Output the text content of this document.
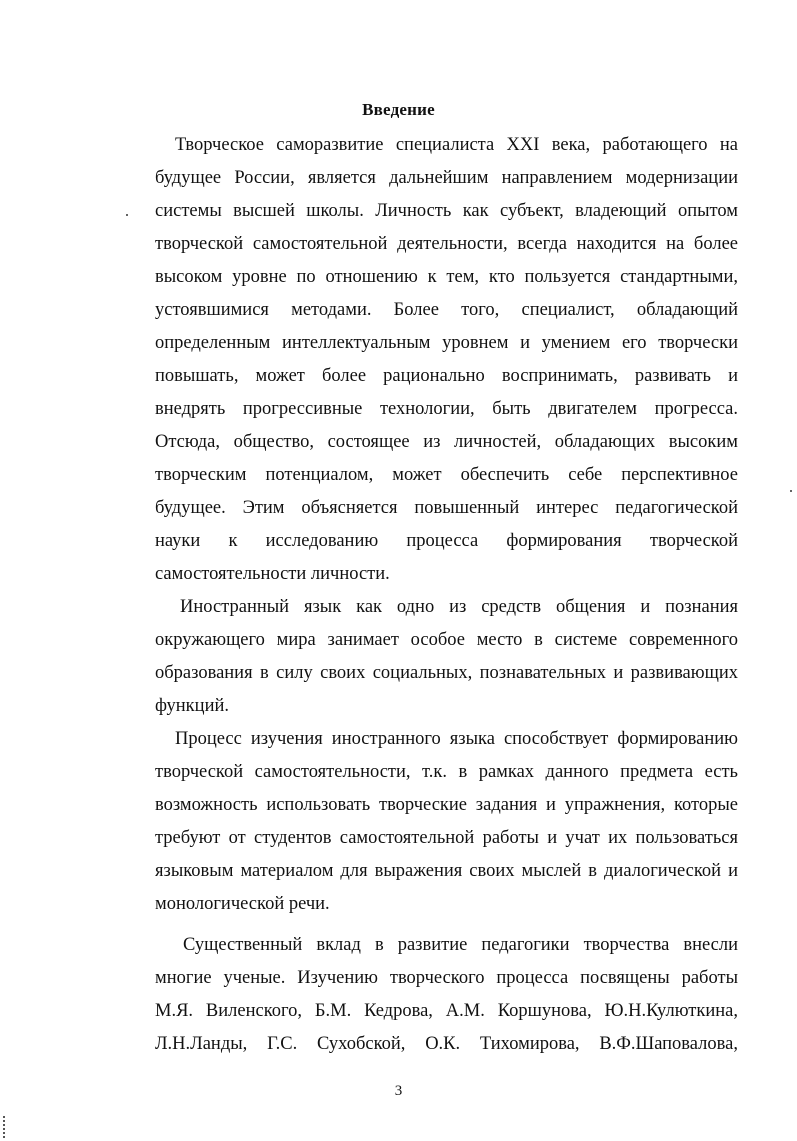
Введение
Творческое саморазвитие специалиста XXI века, работающего на
будущее России, является дальнейшим направлением модернизации
системы высшей школы. Личность как субъект, владеющий опытом
творческой самостоятельной деятельности, всегда находится на более
высоком уровне по отношению к тем, кто пользуется стандартными,
устоявшимися методами. Более того, специалист, обладающий
определенным интеллектуальным уровнем и умением его творчески
повышать, может более рационально воспринимать, развивать и
внедрять прогрессивные технологии, быть двигателем прогресса.
Отсюда, общество, состоящее из личностей, обладающих высоким
творческим потенциалом, может обеспечить себе перспективное
будущее. Этим объясняется повышенный интерес педагогической
науки к исследованию процесса формирования творческой
самостоятельности личности.
Иностранный язык как одно из средств общения и познания
окружающего мира занимает особое место в системе современного
образования в силу своих социальных, познавательных и развивающих
функций.
Процесс изучения иностранного языка способствует формированию
творческой самостоятельности, т.к. в рамках данного предмета есть
возможность использовать творческие задания и упражнения, которые
требуют от студентов самостоятельной работы и учат их пользоваться
языковым материалом для выражения своих мыслей в диалогической и
монологической речи.
Существенный вклад в развитие педагогики творчества внесли
многие ученые. Изучению творческого процесса посвящены работы
М.Я. Виленского, Б.М. Кедрова, А.М. Коршунова, Ю.Н.Кулюткина,
Л.Н.Ланды, Г.С. Сухобской, О.К. Тихомирова, В.Ф.Шаповалова,
3
